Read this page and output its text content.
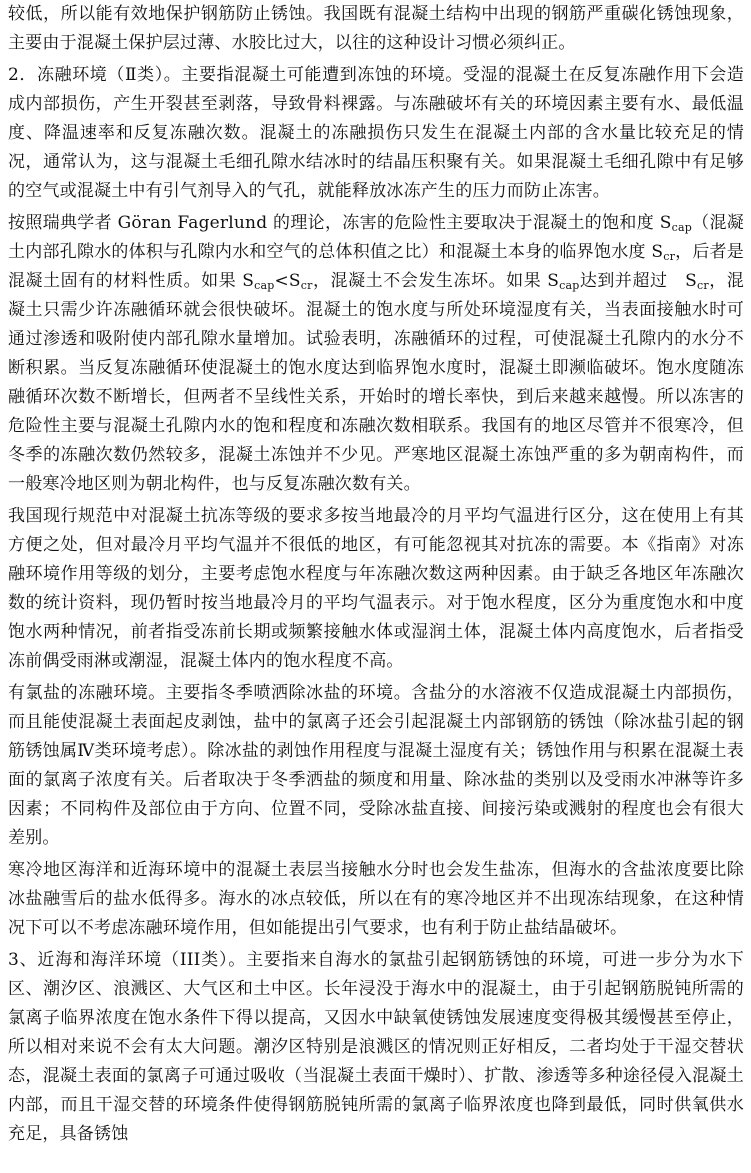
较低，所以能有效地保护钢筋防止锈蚀。我国既有混凝土结构中出现的钢筋严重碳化锈蚀现象，主要由于混凝土保护层过薄、水胶比过大，以往的这种设计习惯必须纠正。

2．冻融环境（Ⅱ类）。主要指混凝土可能遭到冻蚀的环境。受湿的混凝土在反复冻融作用下会造成内部损伤，产生开裂甚至剥落，导致骨料裸露。与冻融破坏有关的环境因素主要有水、最低温度、降温速率和反复冻融次数。混凝土的冻融损伤只发生在混凝土内部的含水量比较充足的情况，通常认为，这与混凝土毛细孔隙水结冰时的结晶压积聚有关。如果混凝土毛细孔隙中有足够的空气或混凝土中有引气剂导入的气孔，就能释放冰冻产生的压力而防止冻害。

按照瑞典学者 Göran Fagerlund 的理论，冻害的危险性主要取决于混凝土的饱和度 $S_{cap}$（混凝土内部孔隙水的体积与孔隙内水和空气的总体积值之比）和混凝土本身的临界饱水度 $S_{cr}$，后者是混凝土固有的材料性质。如果 $S_{cap}<S_{cr}$，混凝土不会发生冻坏。如果 $S_{cap}$达到并超过　$S_{cr}$，混凝土只需少许冻融循环就会很快破坏。混凝土的饱水度与所处环境湿度有关，当表面接触水时可通过渗透和吸附使内部孔隙水量增加。试验表明，冻融循环的过程，可使混凝土孔隙内的水分不断积累。当反复冻融循环使混凝土的饱水度达到临界饱水度时，混凝土即濒临破坏。饱水度随冻融循环次数不断增长，但两者不呈线性关系，开始时的增长率快，到后来越来越慢。所以冻害的危险性主要与混凝土孔隙内水的饱和程度和冻融次数相联系。我国有的地区尽管并不很寒冷，但冬季的冻融次数仍然较多，混凝土冻蚀并不少见。严寒地区混凝土冻蚀严重的多为朝南构件，而一般寒冷地区则为朝北构件，也与反复冻融次数有关。

我国现行规范中对混凝土抗冻等级的要求多按当地最冷的月平均气温进行区分，这在使用上有其方便之处，但对最冷月平均气温并不很低的地区，有可能忽视其对抗冻的需要。本《指南》对冻融环境作用等级的划分，主要考虑饱水程度与年冻融次数这两种因素。由于缺乏各地区年冻融次数的统计资料，现仍暂时按当地最冷月的平均气温表示。对于饱水程度，区分为重度饱水和中度饱水两种情况，前者指受冻前长期或频繁接触水体或湿润土体，混凝土体内高度饱水，后者指受冻前偶受雨淋或潮湿，混凝土体内的饱水程度不高。

有氯盐的冻融环境。主要指冬季喷洒除冰盐的环境。含盐分的水溶液不仅造成混凝土内部损伤，而且能使混凝土表面起皮剥蚀，盐中的氯离子还会引起混凝土内部钢筋的锈蚀（除冰盐引起的钢筋锈蚀属Ⅳ类环境考虑）。除冰盐的剥蚀作用程度与混凝土湿度有关；锈蚀作用与积累在混凝土表面的氯离子浓度有关。后者取决于冬季洒盐的频度和用量、除冰盐的类别以及受雨水冲淋等许多因素；不同构件及部位由于方向、位置不同，受除冰盐直接、间接污染或溅射的程度也会有很大差别。

寒冷地区海洋和近海环境中的混凝土表层当接触水分时也会发生盐冻，但海水的含盐浓度要比除冰盐融雪后的盐水低得多。海水的冰点较低，所以在有的寒冷地区并不出现冻结现象，在这种情况下可以不考虑冻融环境作用，但如能提出引气要求，也有利于防止盐结晶破坏。

3、近海和海洋环境（III类）。主要指来自海水的氯盐引起钢筋锈蚀的环境，可进一步分为水下区、潮汐区、浪溅区、大气区和土中区。长年浸没于海水中的混凝土，由于引起钢筋脱钝所需的氯离子临界浓度在饱水条件下得以提高，又因水中缺氧使锈蚀发展速度变得极其缓慢甚至停止，所以相对来说不会有太大问题。潮汐区特别是浪溅区的情况则正好相反，二者均处于干湿交替状态，混凝土表面的氯离子可通过吸收（当混凝土表面干燥时）、扩散、渗透等多种途径侵入混凝土内部，而且干湿交替的环境条件使得钢筋脱钝所需的氯离子临界浓度也降到最低，同时供氧供水充足，具备锈蚀
